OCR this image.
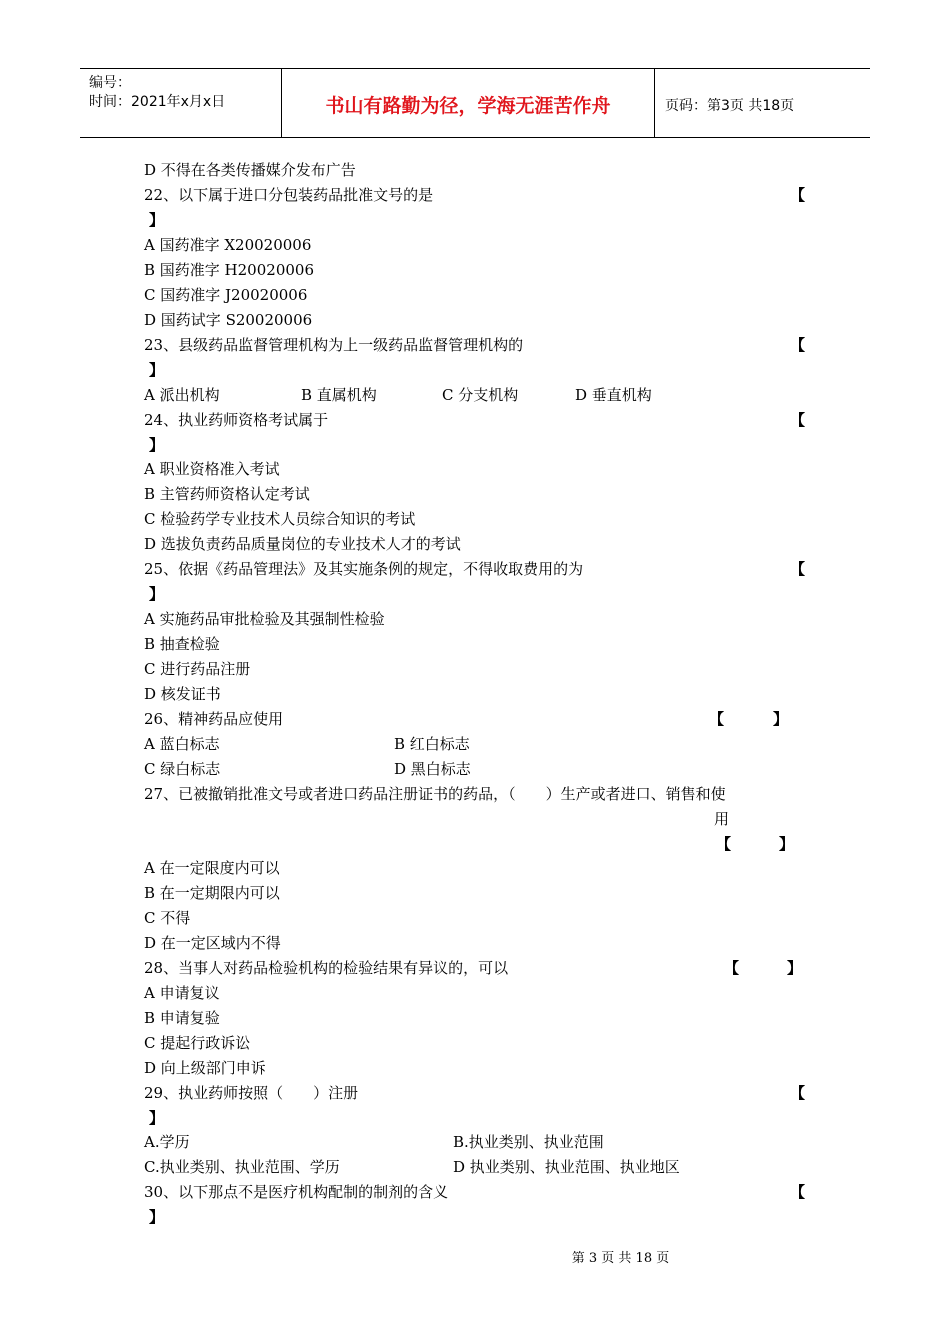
编号：
时间：2021年x月x日	书山有路勤为径，学海无涯苦作舟	页码：第3页 共18页
D 不得在各类传播媒介发布广告
22、以下属于进口分包装药品批准文号的是	【
】
A 国药准字 X20020006
B 国药准字 H20020006
C 国药准字 J20020006
D 国药试字 S20020006
23、县级药品监督管理机构为上一级药品监督管理机构的	【
】
A 派出机构	B 直属机构	C 分支机构	D 垂直机构
24、执业药师资格考试属于	【
】
A 职业资格准入考试
B 主管药师资格认定考试
C 检验药学专业技术人员综合知识的考试
D 选拔负责药品质量岗位的专业技术人才的考试
25、依据《药品管理法》及其实施条例的规定，不得收取费用的为	【
】
A 实施药品审批检验及其强制性检验
B 抽查检验
C 进行药品注册
D 核发证书
26、精神药品应使用	【	】
A 蓝白标志	B 红白标志
C 绿白标志	D 黑白标志
27、已被撤销批准文号或者进口药品注册证书的药品，（　　）生产或者进口、销售和使
用
【	】
A 在一定限度内可以
B 在一定期限内可以
C 不得
D 在一定区域内不得
28、当事人对药品检验机构的检验结果有异议的，可以	【	】
A 申请复议
B 申请复验
C 提起行政诉讼
D 向上级部门申诉
29、执业药师按照（　　）注册	【
】
A.学历	B.执业类别、执业范围
C.执业类别、执业范围、学历	D 执业类别、执业范围、执业地区
30、以下那点不是医疗机构配制的制剂的含义	【
】
第 3 页 共 18 页
